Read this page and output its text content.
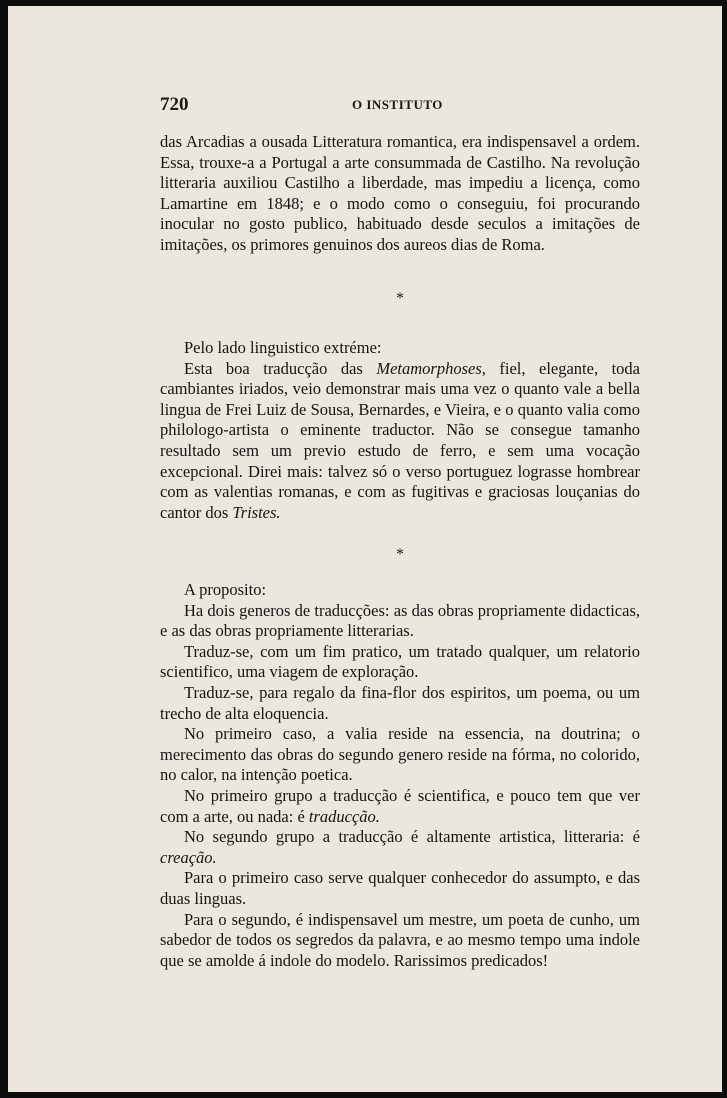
720	O INSTITUTO

das Arcadias a ousada Litteratura romantica, era indispensavel a ordem. Essa, trouxe-a a Portugal a arte consummada de Castilho. Na revolução litteraria auxiliou Castilho a liberdade, mas impediu a licença, como Lamartine em 1848; e o modo como o conseguiu, foi procurando inocular no gosto publico, habituado desde seculos a imitações de imitações, os primores genuinos dos aureos dias de Roma.

*

Pelo lado linguistico extréme:

Esta boa traducção das Metamorphoses, fiel, elegante, toda cambiantes iriados, veio demonstrar mais uma vez o quanto vale a bella lingua de Frei Luiz de Sousa, Bernardes, e Vieira, e o quanto valia como philologo-artista o eminente traductor. Não se consegue tamanho resultado sem um previo estudo de ferro, e sem uma vocação excepcional. Direi mais: talvez só o verso portuguez lograsse hombrear com as valentias romanas, e com as fugitivas e graciosas louçanias do cantor dos Tristes.

*

A proposito:

Ha dois generos de traducções: as das obras propriamente didacticas, e as das obras propriamente litterarias.

Traduz-se, com um fim pratico, um tratado qualquer, um relatorio scientifico, uma viagem de exploração.

Traduz-se, para regalo da fina-flor dos espiritos, um poema, ou um trecho de alta eloquencia.

No primeiro caso, a valia reside na essencia, na doutrina; o merecimento das obras do segundo genero reside na fórma, no colorido, no calor, na intenção poetica.

No primeiro grupo a traducção é scientifica, e pouco tem que ver com a arte, ou nada: é traducção.

No segundo grupo a traducção é altamente artistica, litteraria: é creação.

Para o primeiro caso serve qualquer conhecedor do assumpto, e das duas linguas.

Para o segundo, é indispensavel um mestre, um poeta de cunho, um sabedor de todos os segredos da palavra, e ao mesmo tempo uma indole que se amolde á indole do modelo. Rarissimos predicados!
